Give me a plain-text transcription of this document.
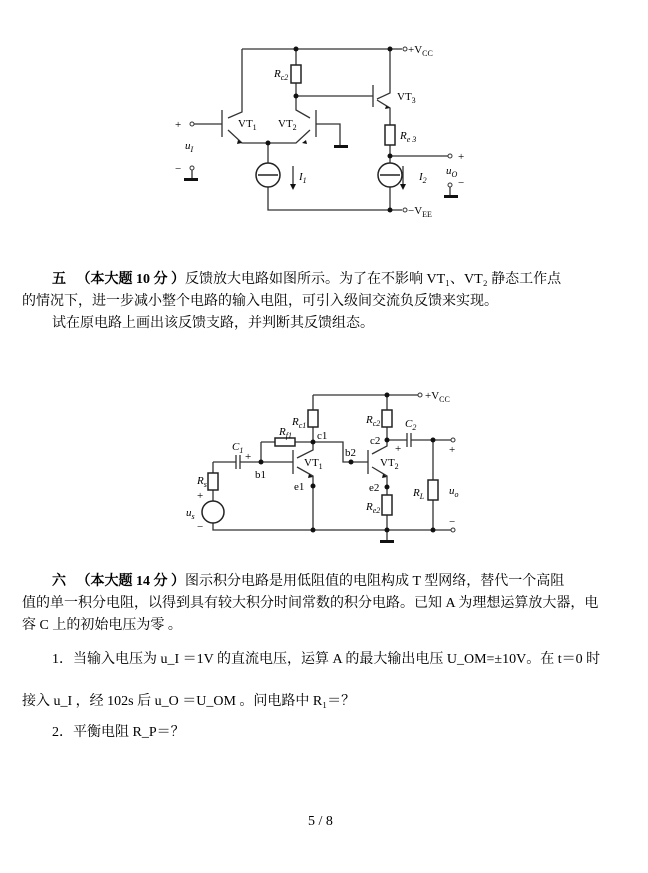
$+V_{CC}$
$-V_{EE}$
$R_{c2}$
$R_{e 3}$
$VT_1$ $VT_2$
$VT_3$
$I_1$	$I_2$
+
−
$u_I$
+
−
$u_O$
五 （本大题 10 分 ）反馈放大电路如图所示。为了在不影响 VT₁、VT₂ 静态工作点
的情况下，进一步减小整个电路的输入电阻，可引入级间交流负反馈来实现。
试在原电路上画出该反馈支路，并判断其反馈组态。
$+V_{CC}$
$R_{c1}$
$R_{f1}$
$R_{c2}$
$R_{e2}$
$R_s$
$R_L$
$C_1$
$C_2$
$VT_1$	$VT_2$
c1	c2
b1
b2
e1	e2
+
−
+
+	+
−
$u_s$
$u_o$
六 （本大题 14 分 ）图示积分电路是用低阻值的电阻构成 T 型网络，替代一个高阻
值的单一积分电阻，以得到具有较大积分时间常数的积分电路。已知 A 为理想运算放大器，电
容 C 上的初始电压为零 。
1．当输入电压为 u_I ＝1V 的直流电压，运算 A 的最大输出电压 U_OM=±10V。在 t＝0 时
接入 u_I ，经 102s 后 u_O ＝U_OM 。问电路中 R₁＝？
2．平衡电阻 R_P＝？
5 / 8
